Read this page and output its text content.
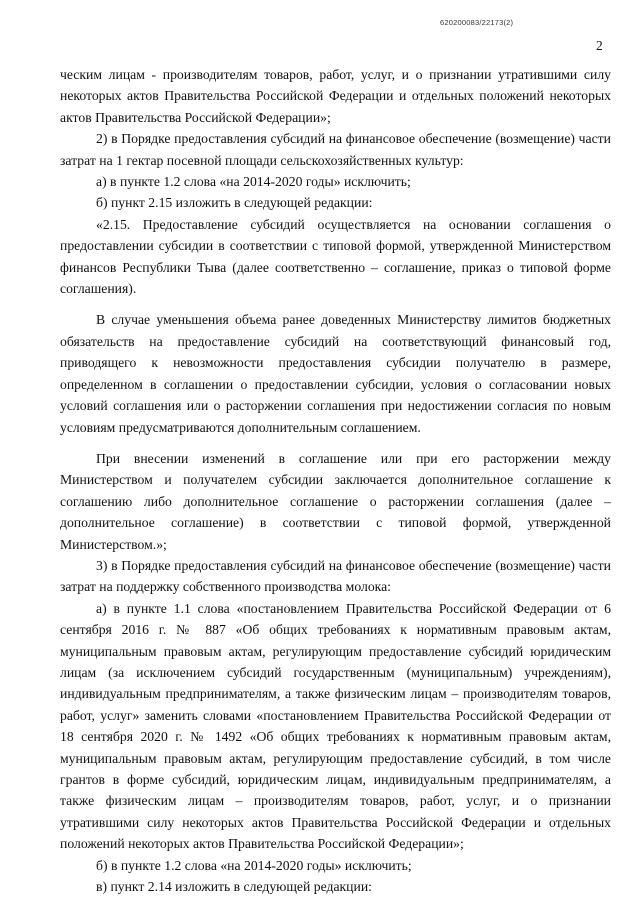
620200083/22173(2)
2

ческим лицам - производителям товаров, работ, услуг, и о признании утратившими силу некоторых актов Правительства Российской Федерации и отдельных положений некоторых актов Правительства Российской Федерации»;

2) в Порядке предоставления субсидий на финансовое обеспечение (возмещение) части затрат на 1 гектар посевной площади сельскохозяйственных культур:

а) в пункте 1.2 слова «на 2014-2020 годы» исключить;

б) пункт 2.15 изложить в следующей редакции:

«2.15. Предоставление субсидий осуществляется на основании соглашения о предоставлении субсидии в соответствии с типовой формой, утвержденной Министерством финансов Республики Тыва (далее соответственно – соглашение, приказ о типовой форме соглашения).

В случае уменьшения объема ранее доведенных Министерству лимитов бюджетных обязательств на предоставление субсидий на соответствующий финансовый год, приводящего к невозможности предоставления субсидии получателю в размере, определенном в соглашении о предоставлении субсидии, условия о согласовании новых условий соглашения или о расторжении соглашения при недостижении согласия по новым условиям предусматриваются дополнительным соглашением.

При внесении изменений в соглашение или при его расторжении между Министерством и получателем субсидии заключается дополнительное соглашение к соглашению либо дополнительное соглашение о расторжении соглашения (далее – дополнительное соглашение) в соответствии с типовой формой, утвержденной Министерством.»;

3) в Порядке предоставления субсидий на финансовое обеспечение (возмещение) части затрат на поддержку собственного производства молока:

а) в пункте 1.1 слова «постановлением Правительства Российской Федерации от 6 сентября 2016 г. № 887 «Об общих требованиях к нормативным правовым актам, муниципальным правовым актам, регулирующим предоставление субсидий юридическим лицам (за исключением субсидий государственным (муниципальным) учреждениям), индивидуальным предпринимателям, а также физическим лицам – производителям товаров, работ, услуг» заменить словами «постановлением Правительства Российской Федерации от 18 сентября 2020 г. № 1492 «Об общих требованиях к нормативным правовым актам, муниципальным правовым актам, регулирующим предоставление субсидий, в том числе грантов в форме субсидий, юридическим лицам, индивидуальным предпринимателям, а также физическим лицам – производителям товаров, работ, услуг, и о признании утратившими силу некоторых актов Правительства Российской Федерации и отдельных положений некоторых актов Правительства Российской Федерации»;

б) в пункте 1.2 слова «на 2014-2020 годы» исключить;

в) пункт 2.14 изложить в следующей редакции:
